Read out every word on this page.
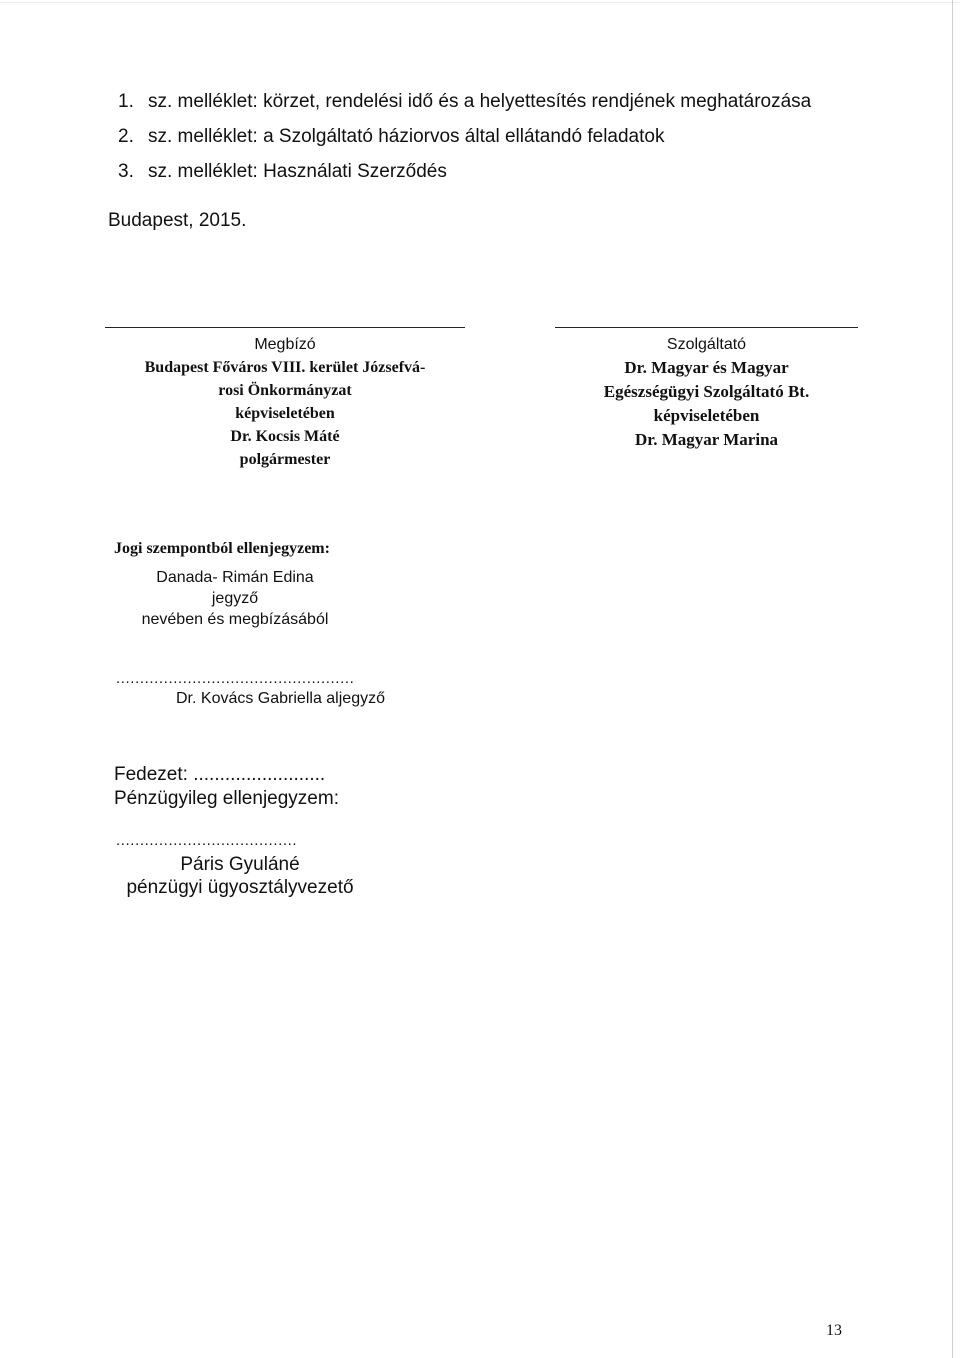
1. sz. melléklet: körzet, rendelési idő és a helyettesítés rendjének meghatározása
2. sz. melléklet: a Szolgáltató háziorvos által ellátandó feladatok
3. sz. melléklet: Használati Szerződés
Budapest, 2015.
Megbízó
Budapest Főváros VIII. kerület Józsefvá-
rosi Önkormányzat
képviseletében
Dr. Kocsis Máté
polgármester
Szolgáltató
Dr. Magyar és Magyar
Egészségügyi Szolgáltató Bt.
képviseletében
Dr. Magyar Marina
Jogi szempontból ellenjegyzem:
Danada- Rimán Edina
jegyző
nevében és megbízásából
..................................................
Dr. Kovács Gabriella aljegyző
Fedezet: .........................
Pénzügyileg ellenjegyzem:
......................................
Páris Gyuláné
pénzügyi ügyosztályvezető
13
